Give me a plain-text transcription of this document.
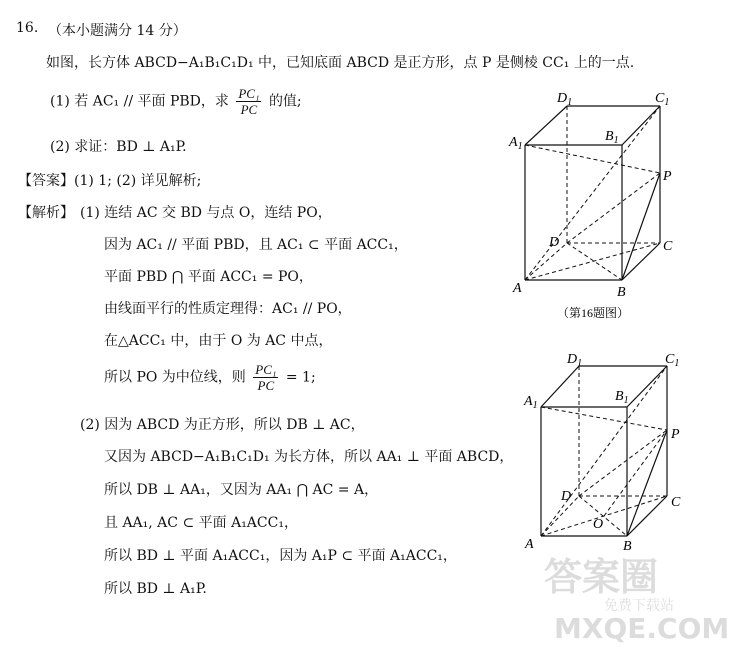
16. （本小题满分 14 分）
如图，长方体 ABCD−A₁B₁C₁D₁ 中，已知底面 ABCD 是正方形，点 P 是侧棱 CC₁ 上的一点.
(1) 若 AC₁ // 平面 PBD，求 $\frac{\text{PC₁}}{PC}$ 的值;
(2) 求证：BD ⊥ A₁P.
【答案】(1) 1; (2) 详见解析;
【解析】 (1) 连结 AC 交 BD 与点 O，连结 PO，
因为 AC₁ // 平面 PBD，且 AC₁ ⊂ 平面 ACC₁，
平面 PBD ⋂ 平面 ACC₁ = PO，
由线面平行的性质定理得：AC₁ // PO，
在△ACC₁ 中，由于 O 为 AC 中点，
所以 PO 为中位线，则 $\frac{\text{PC₁}}{PC} = 1$;
(2) 因为 ABCD 为正方形，所以 DB ⊥ AC，
又因为 ABCD−A₁B₁C₁D₁ 为长方体，所以 AA₁ ⊥ 平面 ABCD，
所以 DB ⊥ AA₁，又因为 AA₁ ⋂ AC = A，
且 AA₁, AC ⊂ 平面 A₁ACC₁，
所以 BD ⊥ 平面 A₁ACC₁，因为 A₁P ⊂ 平面 A₁ACC₁，
所以 BD ⊥ A₁P.
$D_1$	$C_1$
$A_1$
$B_1$
P
D	C
A	B
（第16题图）
$D_1$	$C_1$
$A_1$
$B_1$
P
D	C
O
A	B
答案圈
免费下载站
MXQE.COM
